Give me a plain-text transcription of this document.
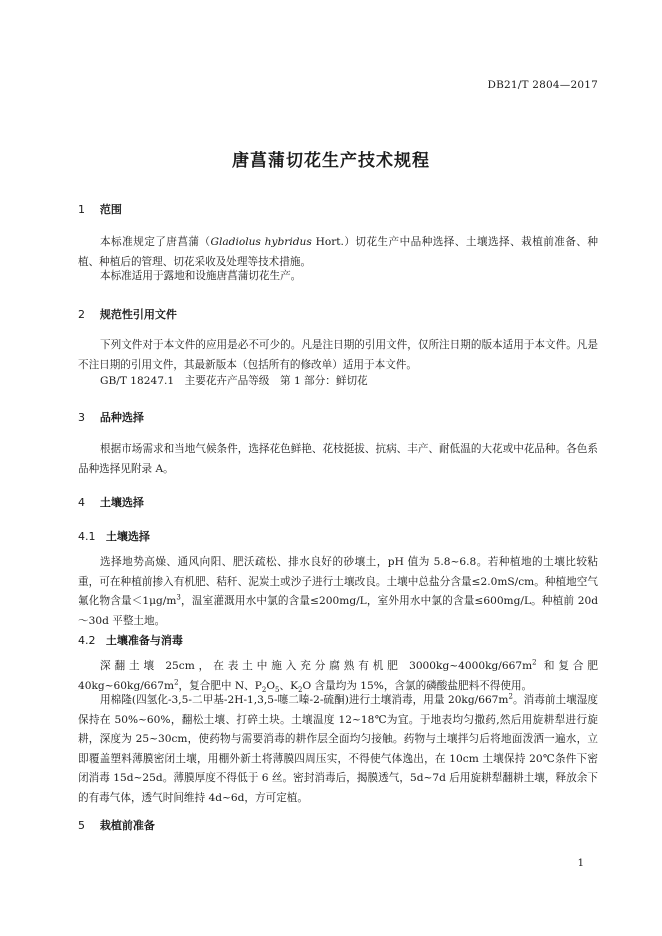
DB21/T 2804—2017
唐菖蒲切花生产技术规程
1 范围
本标准规定了唐菖蒲（Gladiolus hybridus Hort.）切花生产中品种选择、土壤选择、栽植前准备、种植、种植后的管理、切花采收及处理等技术措施。
本标准适用于露地和设施唐菖蒲切花生产。
2 规范性引用文件
下列文件对于本文件的应用是必不可少的。凡是注日期的引用文件，仅所注日期的版本适用于本文件。凡是不注日期的引用文件，其最新版本（包括所有的修改单）适用于本文件。
GB/T 18247.1　主要花卉产品等级　第 1 部分：鲜切花
3 品种选择
根据市场需求和当地气候条件，选择花色鲜艳、花枝挺拔、抗病、丰产、耐低温的大花或中花品种。各色系品种选择见附录 A。
4 土壤选择
4.1 土壤选择
选择地势高燥、通风向阳、肥沃疏松、排水良好的砂壤土，pH 值为 5.8~6.8。若种植地的土壤比较粘重，可在种植前掺入有机肥、秸秆、泥炭土或沙子进行土壤改良。土壤中总盐分含量≤2.0mS/cm。种植地空气氟化物含量$<1\mu g/m^3$，温室灌溉用水中氯的含量≤200mg/L，室外用水中氯的含量≤600mg/L。种植前 20d～30d 平整土地。
4.2 土壤准备与消毒
深翻土壤 25cm，在表土中施入充分腐熟有机肥 $3000kg\sim 4000kg/667m^2$ 和复合肥 $40kg\sim 60kg/667m^2$，复合肥中 N、$P_2O_5$、$K_2O$ 含量均为 15%，含氯的磷酸盐肥料不得使用。
用棉隆(四氢化-3,5-二甲基-2H-1,3,5-噻二嗪-2-硫酮)进行土壤消毒，用量 $20kg/667m^2$。消毒前土壤湿度保持在 50%~60%，翻松土壤、打碎土块。土壤温度 12~18℃为宜。于地表均匀撒药,然后用旋耕犁进行旋耕，深度为 25~30cm，使药物与需要消毒的耕作层全面均匀接触。药物与土壤拌匀后将地面泼洒一遍水，立即覆盖塑料薄膜密闭土壤，用棚外新土将薄膜四周压实，不得使气体逸出，在 10cm 土壤保持 20℃条件下密闭消毒 15d~25d。薄膜厚度不得低于 6 丝。密封消毒后，揭膜透气，5d~7d 后用旋耕犁翻耕土壤，释放余下的有毒气体，透气时间维持 4d~6d，方可定植。
5 栽植前准备
1
